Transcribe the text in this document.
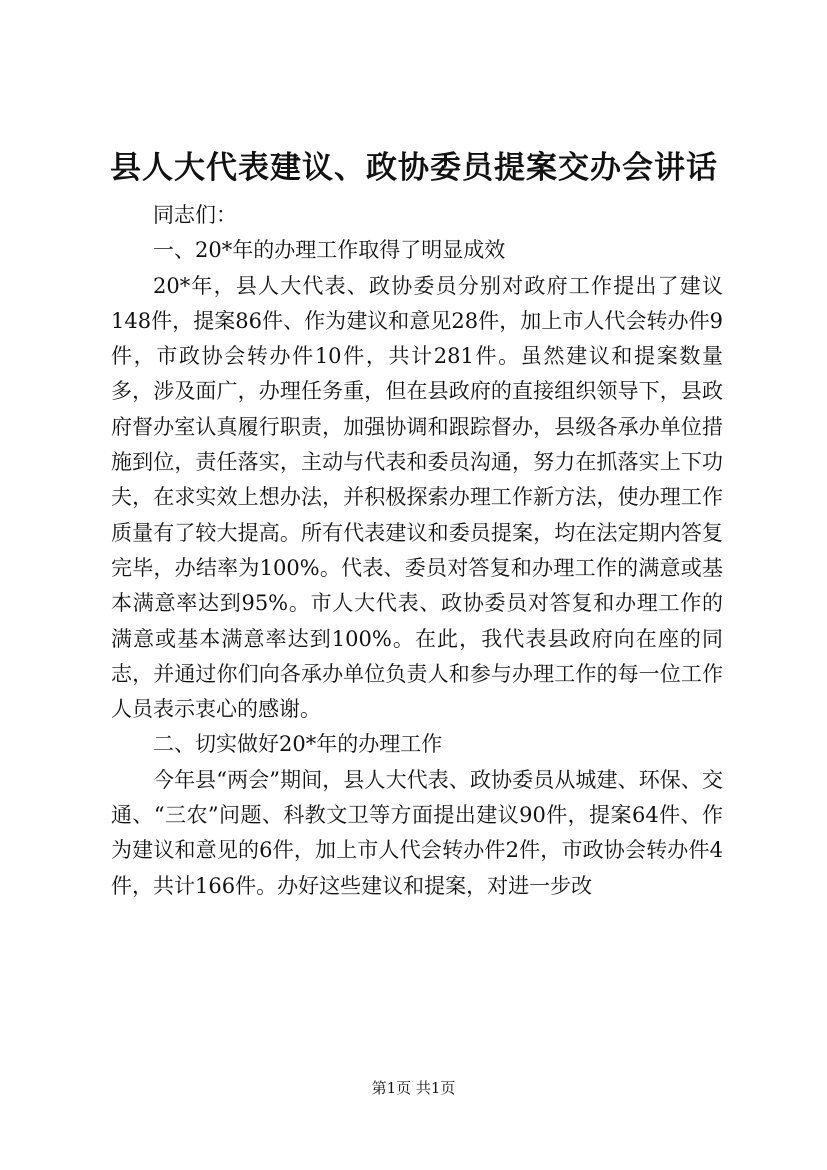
县人大代表建议、政协委员提案交办会讲话

同志们：

一、20*年的办理工作取得了明显成效

20*年，县人大代表、政协委员分别对政府工作提出了建议148件，提案86件、作为建议和意见28件，加上市人代会转办件9件，市政协会转办件10件，共计281件。虽然建议和提案数量多，涉及面广，办理任务重，但在县政府的直接组织领导下，县政府督办室认真履行职责，加强协调和跟踪督办，县级各承办单位措施到位，责任落实，主动与代表和委员沟通，努力在抓落实上下功夫，在求实效上想办法，并积极探索办理工作新方法，使办理工作质量有了较大提高。所有代表建议和委员提案，均在法定期内答复完毕，办结率为100%。代表、委员对答复和办理工作的满意或基本满意率达到95%。市人大代表、政协委员对答复和办理工作的满意或基本满意率达到100%。在此，我代表县政府向在座的同志，并通过你们向各承办单位负责人和参与办理工作的每一位工作人员表示衷心的感谢。

二、切实做好20*年的办理工作

今年县“两会”期间，县人大代表、政协委员从城建、环保、交通、“三农”问题、科教文卫等方面提出建议90件，提案64件、作为建议和意见的6件，加上市人代会转办件2件，市政协会转办件4件，共计166件。办好这些建议和提案，对进一步改

第1页 共1页
